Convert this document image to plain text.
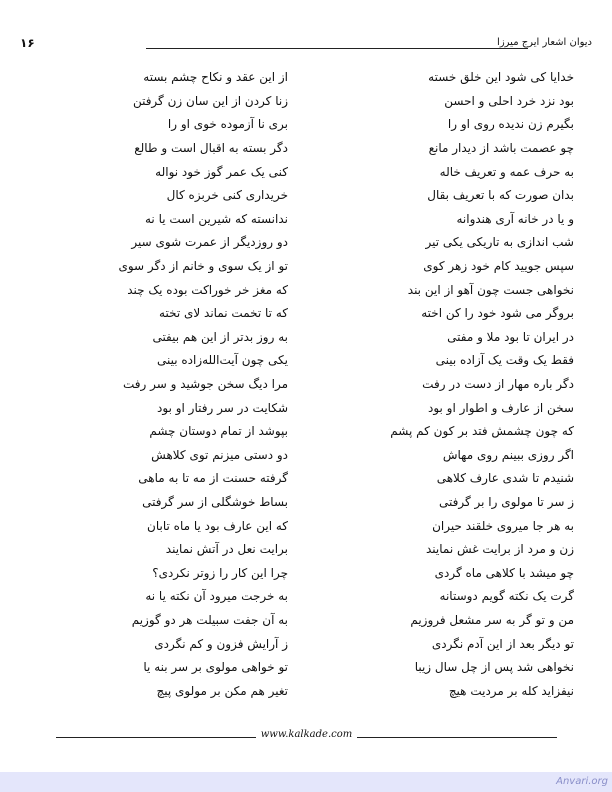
۱۶	دیوان اشعار ایرج میرزا
خدایا کی شود این خلق خسته
از این عقد و نکاح چشم بسته
بود نزد خرد احلی و احسن
زنا کردن از این سان زن گرفتن
بگیرم زن ندیده روی او را
بری نا آزموده خوی او را
چو عصمت باشد از دیدار مانع
دگر بسته به اقبال است و طالع
به حرف عمه و تعریف خاله
کنی یک عمر گوز خود نواله
بدان صورت که با تعریف بقال
خریداری کنی خربزه کال
و یا در خانه آری هندوانه
ندانسته که شیرین است یا نه
شب اندازی به تاریکی یکی تیر
دو روزدیگر از عمرت شوی سیر
سپس جویید کام خود زهر کوی
تو از یک سوی و خانم از دگر سوی
نخواهی جست چون آهو از این بند
که مغز خر خوراکت بوده یک چند
بروگر می شود خود را کن اخته
که تا تخمت نماند لای تخته
در ایران تا بود ملا و مفتی
به روز بدتر از این هم بیفتی
فقط یک وقت یک آزاده بینی
یکی چون آیت‌الله‌زاده بینی
دگر باره مهار از دست در رفت
مرا دیگ سخن جوشید و سر رفت
سخن از عارف و اطوار او بود
شکایت در سر رفتار او بود
که چون چشمش فتد بر کون کم پشم
بپوشد از تمام دوستان چشم
اگر روزی ببینم روی مهاش
دو دستی میزنم توی کلاهش
شنیدم تا شدی عارف کلاهی
گرفته حسنت از مه تا به ماهی
ز سر تا مولوی را بر گرفتی
بساط خوشگلی از سر گرفتی
به هر جا میروی خلقند حیران
که این عارف بود یا ماه تابان
زن و مرد از برایت غش نمایند
برایت نعل در آتش نمایند
چو میشد با کلاهی ماه گردی
چرا این کار را زوتر نکردی؟
گرت یک نکته گویم دوستانه
به خرجت میرود آن نکته یا نه
من و تو گر به سر مشعل فروزیم
به آن جفت سبیلت هر دو گوزیم
تو دیگر بعد از این آدم نگردی
ز آرایش فزون و کم نگردی
نخواهی شد پس از چل سال زیبا
تو خواهی مولوی بر سر بنه یا
نیفزاید کله بر مردیت هیچ
تغیر هم مکن بر مولوی پیچ
www.kalkade.com
Anvari.org
